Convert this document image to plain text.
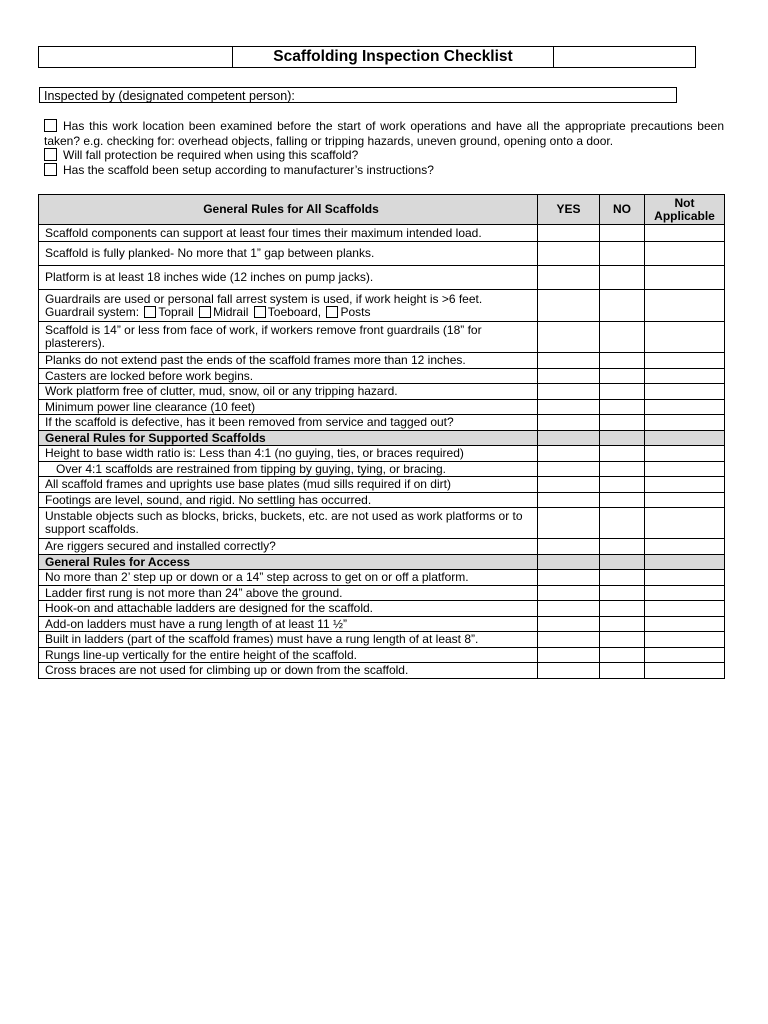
	Scaffolding Inspection Checklist	
Inspected by (designated competent person):
Has this work location been examined before the start of work operations and have all the appropriate precautions been taken? e.g. checking for: overhead objects, falling or tripping hazards, uneven ground, opening onto a door.
Will fall protection be required when using this scaffold?
Has the scaffold been setup according to manufacturer’s instructions?
General Rules for All Scaffolds	YES	NO	Not
Applicable
Scaffold components can support at least four times their maximum intended load.			
Scaffold is fully planked- No more that 1” gap between planks.			
Platform is at least 18 inches wide (12 inches on pump jacks).			
Guardrails are used or personal fall arrest system is used, if work height is >6 feet.
Guardrail system: Toprail Midrail Toeboard, Posts			
Scaffold is 14” or less from face of work, if workers remove front guardrails (18” for plasterers).			
Planks do not extend past the ends of the scaffold frames more than 12 inches.			
Casters are locked before work begins.			
Work platform free of clutter, mud, snow, oil or any tripping hazard.			
Minimum power line clearance (10 feet)			
If the scaffold is defective, has it been removed from service and tagged out?			
General Rules for Supported Scaffolds			
Height to base width ratio is: Less than 4:1 (no guying, ties, or braces required)			
Over 4:1 scaffolds are restrained from tipping by guying, tying, or bracing.			
All scaffold frames and uprights use base plates (mud sills required if on dirt)			
Footings are level, sound, and rigid. No settling has occurred.			
Unstable objects such as blocks, bricks, buckets, etc. are not used as work platforms or to support scaffolds.			
Are riggers secured and installed correctly?			
General Rules for Access			
No more than 2’ step up or down or a 14” step across to get on or off a platform.			
Ladder first rung is not more than 24” above the ground.			
Hook-on and attachable ladders are designed for the scaffold.			
Add-on ladders must have a rung length of at least 11 ½”			
Built in ladders (part of the scaffold frames) must have a rung length of at least 8”.			
Rungs line-up vertically for the entire height of the scaffold.			
Cross braces are not used for climbing up or down from the scaffold.			
